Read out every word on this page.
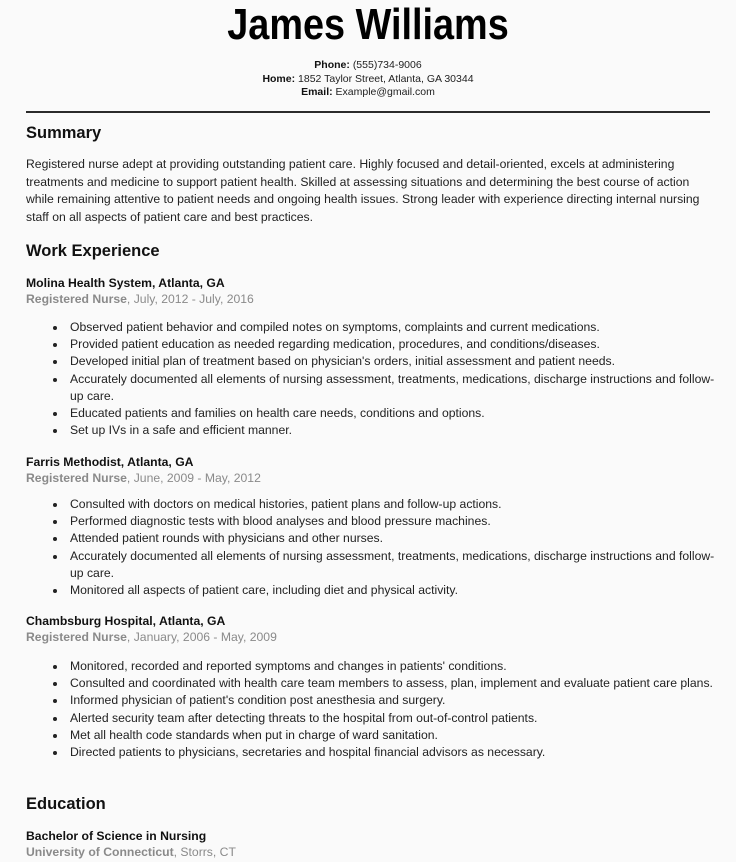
James Williams
Phone: (555)734-9006
Home: 1852 Taylor Street, Atlanta, GA 30344
Email: Example@gmail.com
Summary
Registered nurse adept at providing outstanding patient care. Highly focused and detail-oriented, excels at administering treatments and medicine to support patient health. Skilled at assessing situations and determining the best course of action while remaining attentive to patient needs and ongoing health issues. Strong leader with experience directing internal nursing staff on all aspects of patient care and best practices.
Work Experience
Molina Health System, Atlanta, GA
Registered Nurse, July, 2012 - July, 2016
Observed patient behavior and compiled notes on symptoms, complaints and current medications.
Provided patient education as needed regarding medication, procedures, and conditions/diseases.
Developed initial plan of treatment based on physician's orders, initial assessment and patient needs.
Accurately documented all elements of nursing assessment, treatments, medications, discharge instructions and follow-up care.
Educated patients and families on health care needs, conditions and options.
Set up IVs in a safe and efficient manner.
Farris Methodist, Atlanta, GA
Registered Nurse, June, 2009 - May, 2012
Consulted with doctors on medical histories, patient plans and follow-up actions.
Performed diagnostic tests with blood analyses and blood pressure machines.
Attended patient rounds with physicians and other nurses.
Accurately documented all elements of nursing assessment, treatments, medications, discharge instructions and follow-up care.
Monitored all aspects of patient care, including diet and physical activity.
Chambsburg Hospital, Atlanta, GA
Registered Nurse, January, 2006 - May, 2009
Monitored, recorded and reported symptoms and changes in patients' conditions.
Consulted and coordinated with health care team members to assess, plan, implement and evaluate patient care plans.
Informed physician of patient's condition post anesthesia and surgery.
Alerted security team after detecting threats to the hospital from out-of-control patients.
Met all health code standards when put in charge of ward sanitation.
Directed patients to physicians, secretaries and hospital financial advisors as necessary.
Education
Bachelor of Science in Nursing
University of Connecticut, Storrs, CT
